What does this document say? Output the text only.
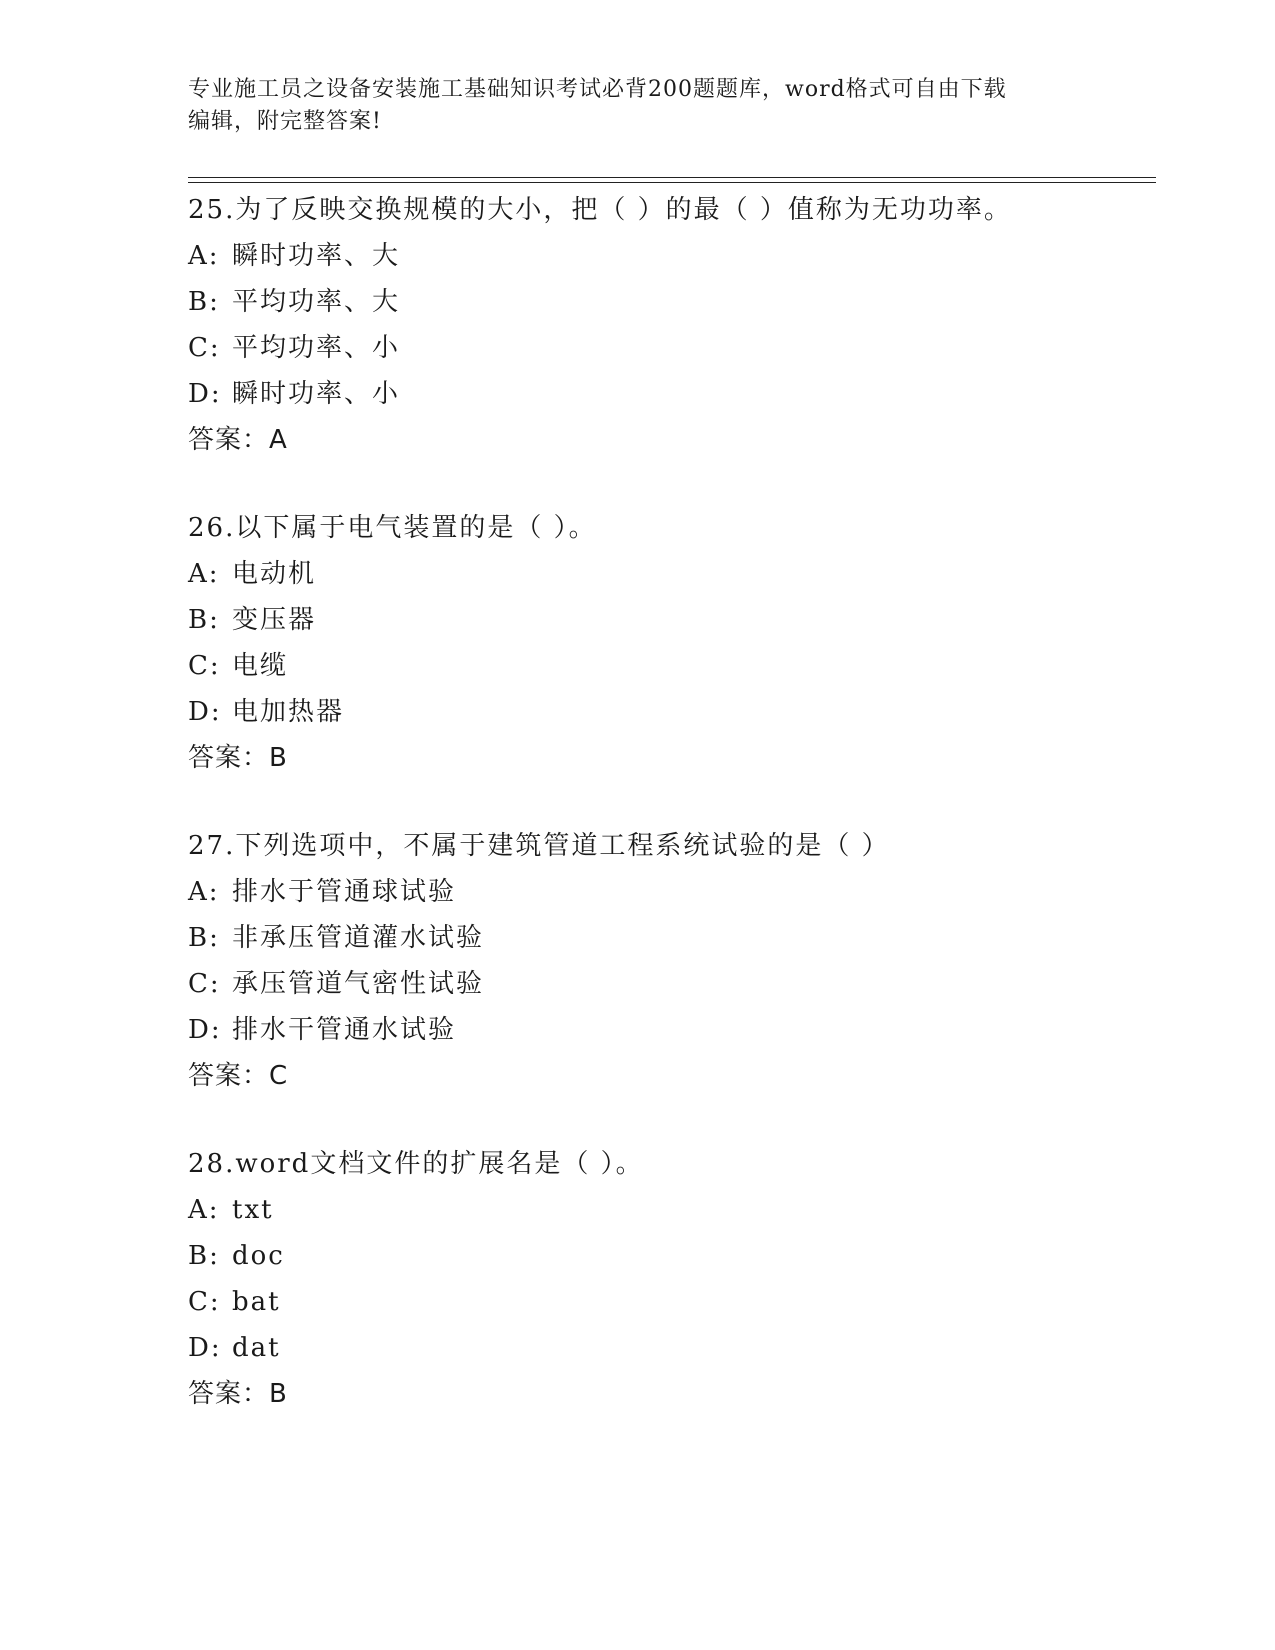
专业施工员之设备安装施工基础知识考试必背200题题库，word格式可自由下载
编辑，附完整答案!
25.为了反映交换规模的大小，把（ ）的最（ ）值称为无功功率。
A: 瞬时功率、大
B: 平均功率、大
C: 平均功率、小
D: 瞬时功率、小
答案：A
26.以下属于电气装置的是（ ）。
A: 电动机
B: 变压器
C: 电缆
D: 电加热器
答案：B
27.下列选项中，不属于建筑管道工程系统试验的是（ ）
A: 排水于管通球试验
B: 非承压管道灌水试验
C: 承压管道气密性试验
D: 排水干管通水试验
答案：C
28.word文档文件的扩展名是（ ）。
A: txt
B: doc
C: bat
D: dat
答案：B
